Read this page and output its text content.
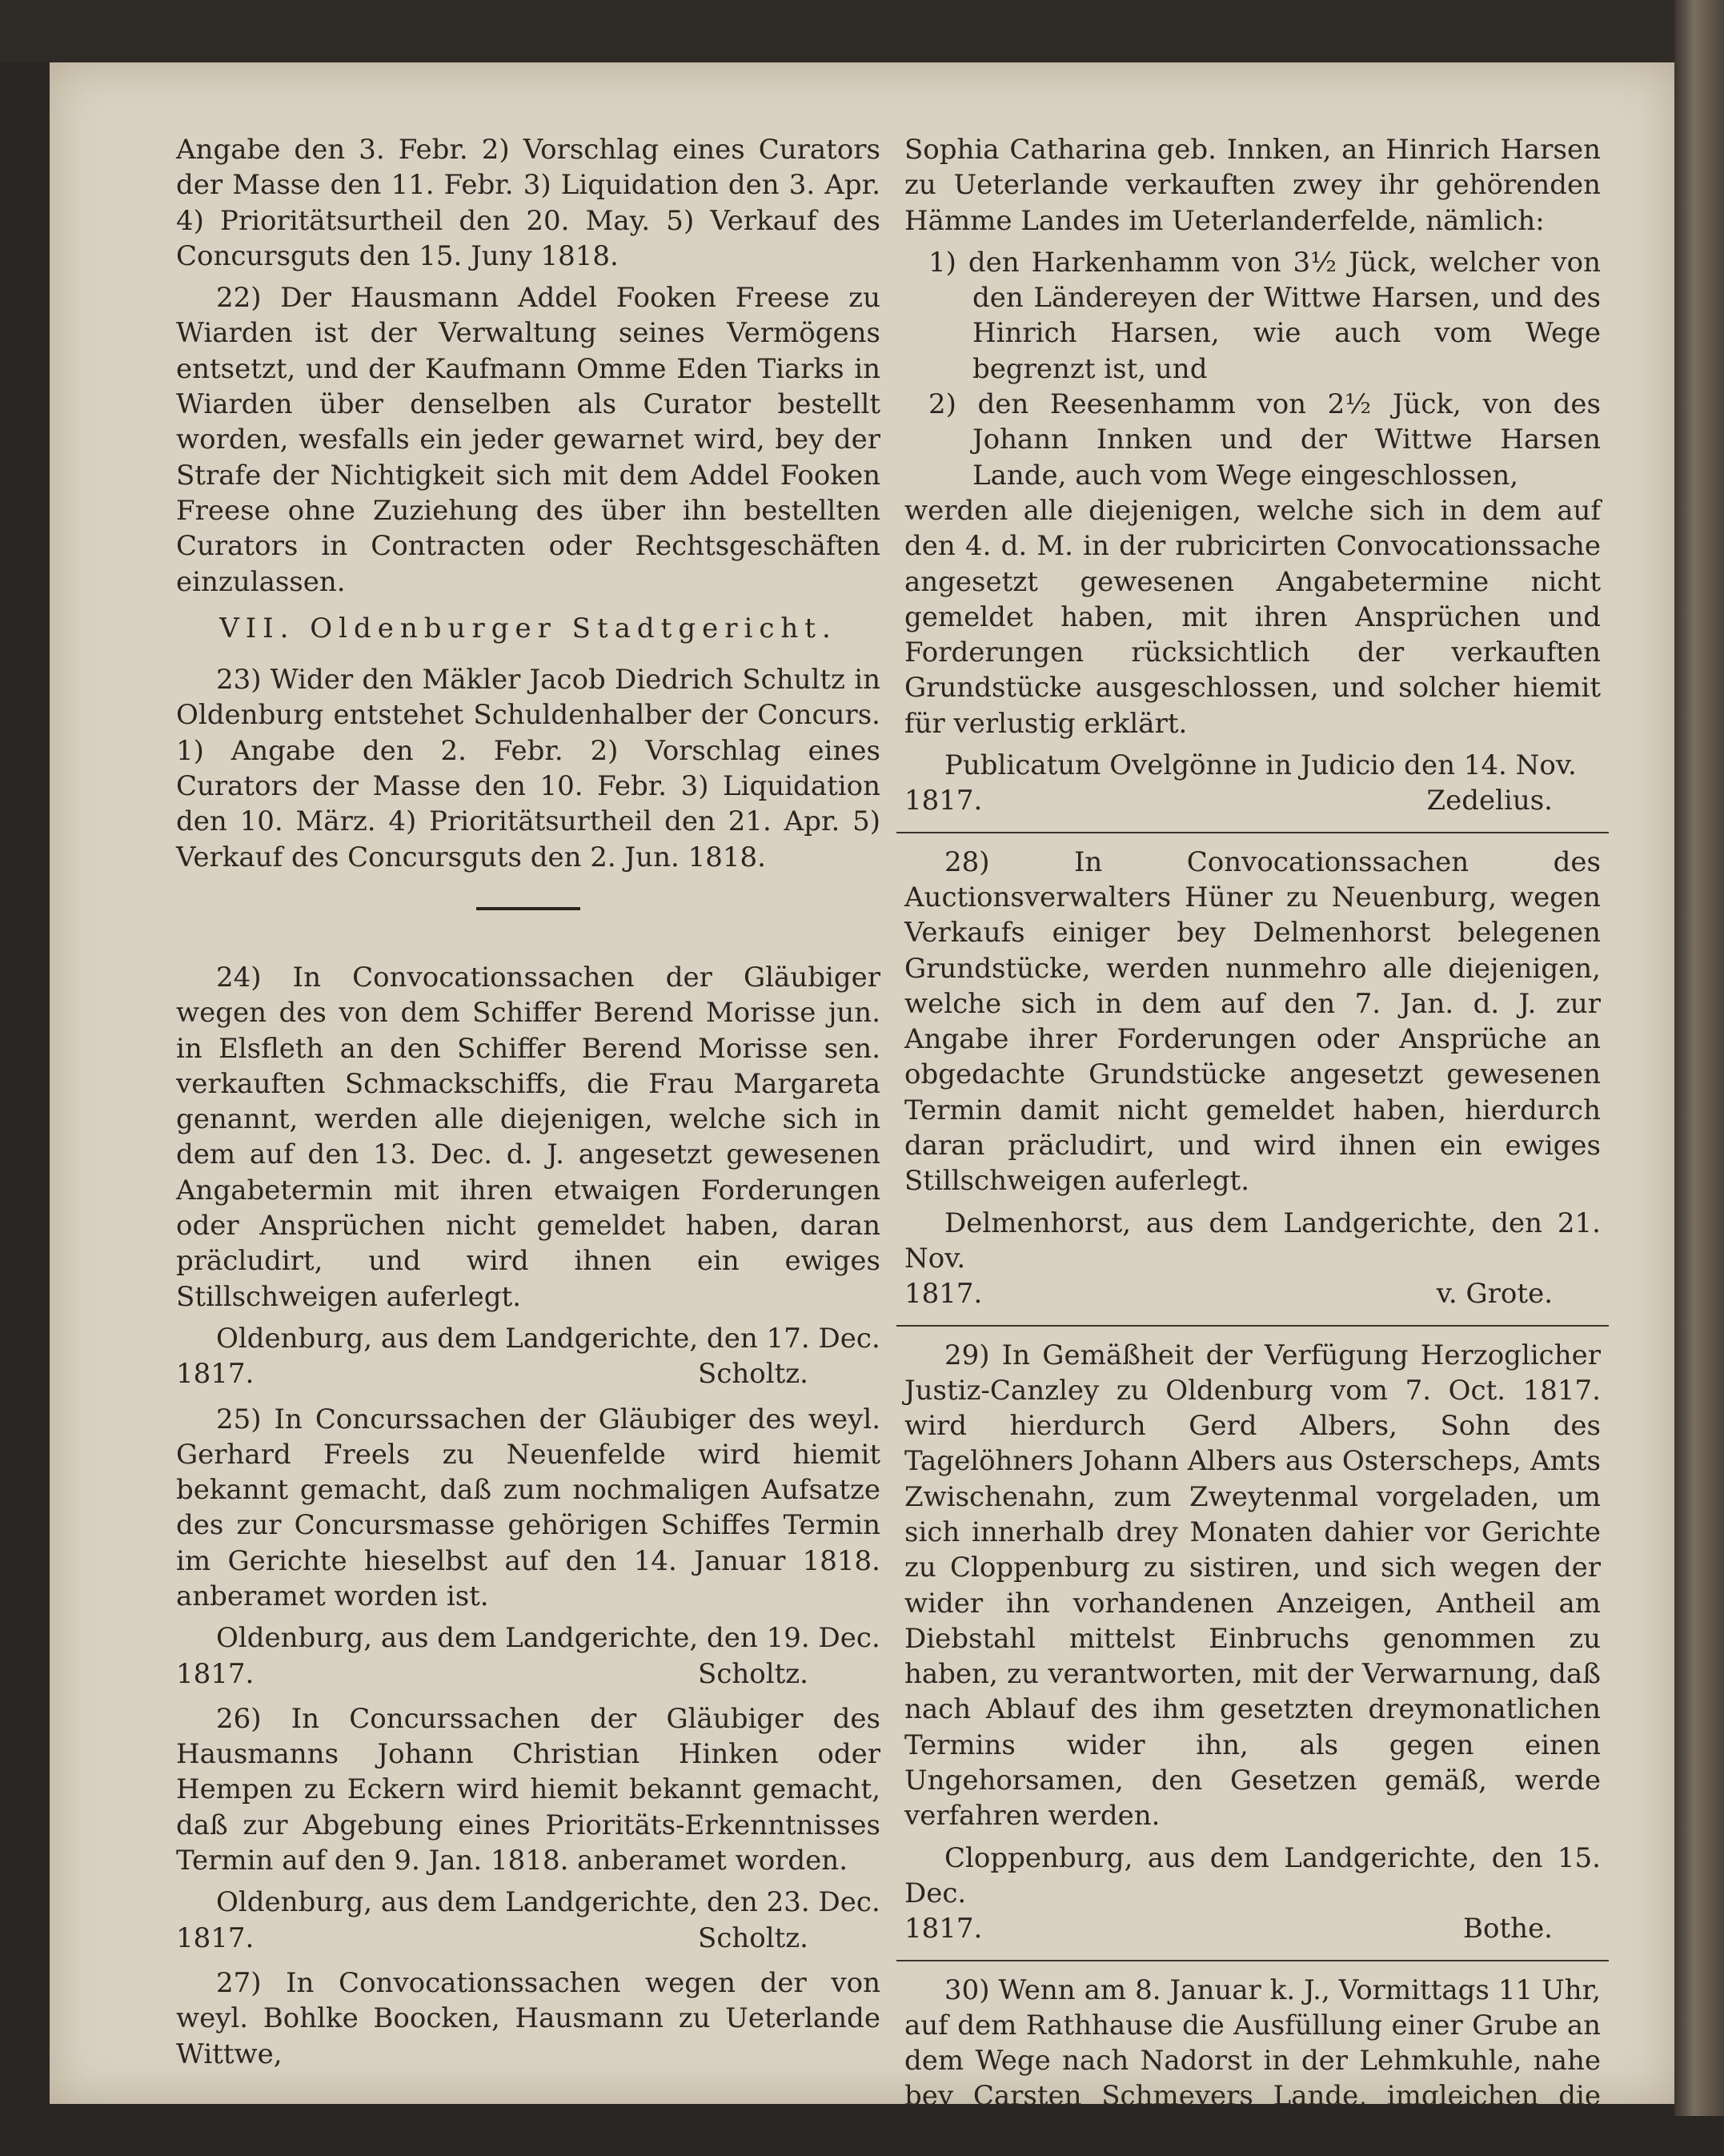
Angabe den 3. Febr. 2) Vorschlag eines Curators der Masse den 11. Febr. 3) Liquidation den 3. Apr. 4) Prioritätsurtheil den 20. May. 5) Verkauf des Concursguts den 15. Juny 1818.

22) Der Hausmann Addel Fooken Freese zu Wiarden ist der Verwaltung seines Vermögens entsetzt, und der Kaufmann Omme Eden Tiarks in Wiarden über denselben als Curator bestellt worden, wesfalls ein jeder gewarnet wird, bey der Strafe der Nichtigkeit sich mit dem Addel Fooken Freese ohne Zuziehung des über ihn bestellten Curators in Contracten oder Rechtsgeschäften einzulassen.

VII. Oldenburger Stadtgericht.

23) Wider den Mäkler Jacob Diedrich Schultz in Oldenburg entstehet Schuldenhalber der Concurs. 1) Angabe den 2. Febr. 2) Vorschlag eines Curators der Masse den 10. Febr. 3) Liquidation den 10. März. 4) Prioritätsurtheil den 21. Apr. 5) Verkauf des Concursguts den 2. Jun. 1818.

24) In Convocationssachen der Gläubiger wegen des von dem Schiffer Berend Morisse jun. in Elsfleth an den Schiffer Berend Morisse sen. verkauften Schmackschiffs, die Frau Margareta genannt, werden alle diejenigen, welche sich in dem auf den 13. Dec. d. J. angesetzt gewesenen Angabetermin mit ihren etwaigen Forderungen oder Ansprüchen nicht gemeldet haben, daran präcludirt, und wird ihnen ein ewiges Stillschweigen auferlegt.

Oldenburg, aus dem Landgerichte, den 17. Dec.

1817.	Scholtz.

25) In Concurssachen der Gläubiger des weyl. Gerhard Freels zu Neuenfelde wird hiemit bekannt gemacht, daß zum nochmaligen Aufsatze des zur Concursmasse gehörigen Schiffes Termin im Gerichte hieselbst auf den 14. Januar 1818. anberamet worden ist.

Oldenburg, aus dem Landgerichte, den 19. Dec.

1817.	Scholtz.

26) In Concurssachen der Gläubiger des Hausmanns Johann Christian Hinken oder Hempen zu Eckern wird hiemit bekannt gemacht, daß zur Abgebung eines Prioritäts-Erkenntnisses Termin auf den 9. Jan. 1818. anberamet worden.

Oldenburg, aus dem Landgerichte, den 23. Dec.

1817.	Scholtz.

27) In Convocationssachen wegen der von weyl. Bohlke Boocken, Hausmann zu Ueterlande Wittwe,

Sophia Catharina geb. Innken, an Hinrich Harsen zu Ueterlande verkauften zwey ihr gehörenden Hämme Landes im Ueterlanderfelde, nämlich:

1) den Harkenhamm von 3½ Jück, welcher von den Ländereyen der Wittwe Harsen, und des Hinrich Harsen, wie auch vom Wege begrenzt ist, und

2) den Reesenhamm von 2½ Jück, von des Johann Innken und der Wittwe Harsen Lande, auch vom Wege eingeschlossen,

werden alle diejenigen, welche sich in dem auf den 4. d. M. in der rubricirten Convocationssache angesetzt gewesenen Angabetermine nicht gemeldet haben, mit ihren Ansprüchen und Forderungen rücksichtlich der verkauften Grundstücke ausgeschlossen, und solcher hiemit für verlustig erklärt.

Publicatum Ovelgönne in Judicio den 14. Nov.

1817.	Zedelius.

28) In Convocationssachen des Auctionsverwalters Hüner zu Neuenburg, wegen Verkaufs einiger bey Delmenhorst belegenen Grundstücke, werden nunmehro alle diejenigen, welche sich in dem auf den 7. Jan. d. J. zur Angabe ihrer Forderungen oder Ansprüche an obgedachte Grundstücke angesetzt gewesenen Termin damit nicht gemeldet haben, hierdurch daran präcludirt, und wird ihnen ein ewiges Stillschweigen auferlegt.

Delmenhorst, aus dem Landgerichte, den 21. Nov.

1817.	v. Grote.

29) In Gemäßheit der Verfügung Herzoglicher Justiz-Canzley zu Oldenburg vom 7. Oct. 1817. wird hierdurch Gerd Albers, Sohn des Tagelöhners Johann Albers aus Osterscheps, Amts Zwischenahn, zum Zweytenmal vorgeladen, um sich innerhalb drey Monaten dahier vor Gerichte zu Cloppenburg zu sistiren, und sich wegen der wider ihn vorhandenen Anzeigen, Antheil am Diebstahl mittelst Einbruchs genommen zu haben, zu verantworten, mit der Verwarnung, daß nach Ablauf des ihm gesetzten dreymonatlichen Termins wider ihn, als gegen einen Ungehorsamen, den Gesetzen gemäß, werde verfahren werden.

Cloppenburg, aus dem Landgerichte, den 15. Dec.

1817.	Bothe.

30) Wenn am 8. Januar k. J., Vormittags 11 Uhr, auf dem Rathhause die Ausfüllung einer Grube an dem Wege nach Nadorst in der Lehmkuhle, nahe bey Carsten Schmeyers Lande, imgleichen die Ausfüllung des an diesem Lande herausgehenden
